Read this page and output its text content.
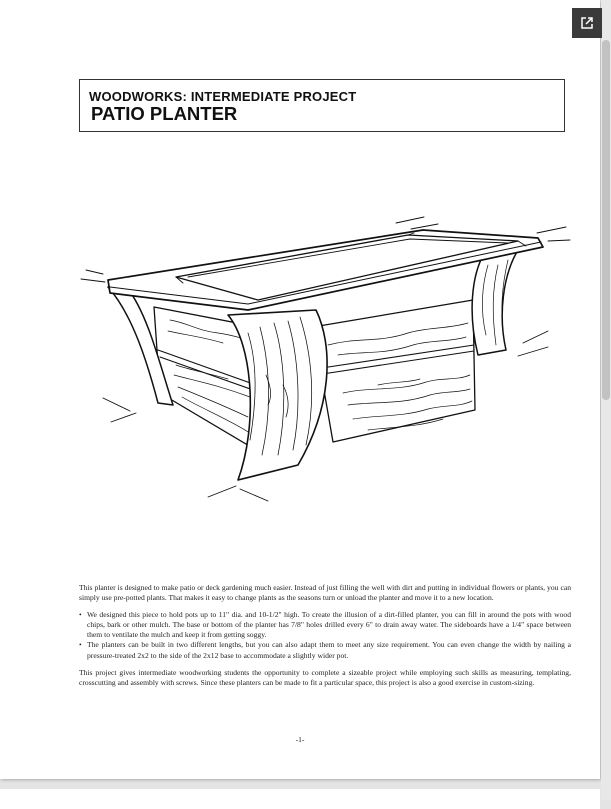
WOODWORKS: INTERMEDIATE PROJECT
PATIO PLANTER

This planter is designed to make patio or deck gardening much easier. Instead of just filling the well with dirt and putting in individual flowers or plants, you can simply use pre-potted plants. That makes it easy to change plants as the seasons turn or unload the planter and move it to a new location.

• We designed this piece to hold pots up to 11" dia. and 10-1/2" high. To create the illusion of a dirt-filled planter, you can fill in around the pots with wood chips, bark or other mulch. The base or bottom of the planter has 7/8" holes drilled every 6" to drain away water. The sideboards have a 1/4" space between them to ventilate the mulch and keep it from getting soggy.
• The planters can be built in two different lengths, but you can also adapt them to meet any size requirement. You can even change the width by nailing a pressure-treated 2x2 to the side of the 2x12 base to accommodate a slightly wider pot.

This project gives intermediate woodworking students the opportunity to complete a sizeable project while employing such skills as measuring, templating, crosscutting and assembly with screws. Since these planters can be made to fit a particular space, this project is also a good exercise in custom-sizing.

-1-
